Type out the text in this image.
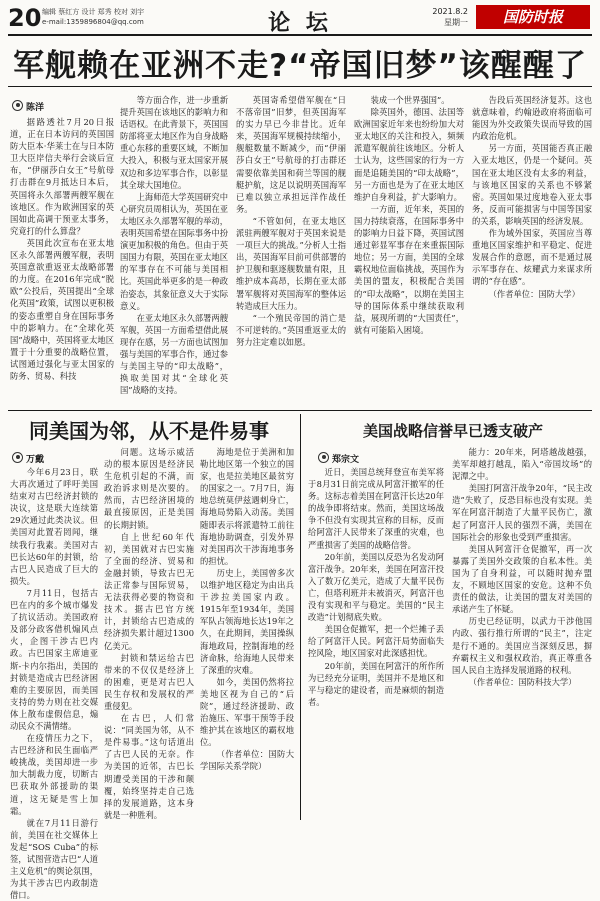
20 编辑 蔡红方 设计 郑秀 校对 刘宇
e-mail:1359896804@qq.com	论 坛	2021.8.2
星期一	国防时报
军舰赖在亚洲不走?“帝国旧梦”该醒醒了
陈洋

据路透社7月20日报道，正在日本访问的英国国防大臣本·华莱士在与日本防卫大臣岸信夫举行会谈后宣布，“伊丽莎白女王”号航母打击群在9月抵达日本后，英国将永久部署两艘军舰在该地区。作为欧洲国家的英国如此高调干预亚太事务，究竟打的什么算盘？

英国此次宣布在亚太地区永久部署两艘军舰，表明英国意欲重返亚太战略部署的力度。在2016年完成“脱欧”公投后，英国提出“全球化英国”政策，试图以更积极的姿态重塑自身在国际事务中的影响力。在“全球化英国”战略中，英国将亚太地区置于十分重要的战略位置，试图通过强化与亚太国家的防务、贸易、科技

等方面合作，进一步重新提升英国在该地区的影响力和话语权。在此背景下，英国国防部将亚太地区作为自身战略重心东移的重要区域，不断加大投入，积极与亚太国家开展双边和多边军事合作，以彰显其全球大国地位。

上海师范大学英国研究中心研究员周相认为，英国在亚太地区永久部署军舰的举动，表明英国希望在国际事务中扮演更加积极的角色。但由于英国国力有限，英国在亚太地区的军事存在不可能与美国相比。英国此举更多的是一种政治姿态，其象征意义大于实际意义。

在亚太地区永久部署两艘军舰，英国一方面希望借此展现存在感，另一方面也试图加强与美国的军事合作，通过参与美国主导的“印太战略”，换取美国对其“全球化英国”战略的支持。

英国寄希望借军舰在“日不落帝国”旧梦，但英国海军的实力早已今非昔比。近年来，英国海军规模持续缩小，舰艇数量不断减少，而“伊丽莎白女王”号航母的打击群还需要依靠美国和荷兰等国的舰艇护航，这足以说明英国海军已难以独立承担远洋作战任务。

“不管如何，在亚太地区派驻两艘军舰对于英国来说是一项巨大的挑战。”分析人士指出，英国海军目前可供部署的护卫舰和驱逐舰数量有限，且维护成本高昂，长期在亚太部署军舰将对英国海军的整体运转造成巨大压力。

“一个殖民帝国的消亡是不可逆转的。”英国重返亚太的努力注定难以如愿。

装成一个世界强国”。

除英国外，德国、法国等欧洲国家近年来也纷纷加大对亚太地区的关注和投入，频频派遣军舰前往该地区。分析人士认为，这些国家的行为一方面是追随美国的“印太战略”，另一方面也是为了在亚太地区维护自身利益，扩大影响力。

一方面，近年来，英国的国力持续衰落，在国际事务中的影响力日益下降，英国试图通过彰显军事存在来重振国际地位；另一方面，美国的全球霸权地位面临挑战，英国作为美国的盟友，积极配合美国的“印太战略”，以期在美国主导的国际体系中继续获取利益，展现所谓的“大国责任”，就有可能陷入困境。

告段后英国经济复苏。这也就意味着，约翰逊政府将面临可能因为外交政策失误而导致的国内政治危机。

另一方面，英国能否真正融入亚太地区，仍是一个疑问。英国在亚太地区没有太多的利益，与该地区国家的关系也不够紧密。英国如果过度地卷入亚太事务，反而可能损害与中国等国家的关系，影响英国的经济发展。

作为域外国家，英国应当尊重地区国家维护和平稳定、促进发展合作的意愿，而不是通过展示军事存在、炫耀武力来谋求所谓的“存在感”。

（作者单位：国防大学）

同美国为邻，从不是件易事
万戴

今年6月23日，联大再次通过了呼吁美国结束对古巴经济封锁的决议，这是联大连续第29次通过此类决议。但美国对此置若罔闻，继续我行我素。美国对古巴长达60年的封锁，给古巴人民造成了巨大的损失。

7月11日，包括古巴在内的多个城市爆发了抗议活动。美国政府及部分政客借机煽风点火，企图干涉古巴内政。古巴国家主席迪亚斯-卡内尔指出，美国的封锁是造成古巴经济困难的主要原因，而美国支持的势力则在社交媒体上散布虚假信息，煽动民众不满情绪。

在疫情压力之下，古巴经济和民生面临严峻挑战，美国却进一步加大制裁力度，切断古巴获取外部援助的渠道，这无疑是雪上加霜。

就在7月11日游行前，美国在社交媒体上发起“SOS Cuba”的标签，试图营造古巴“人道主义危机”的舆论氛围，为其干涉古巴内政制造借口。

问题。这场示威活动的根本原因是经济民生危机引起的不满，而政治诉求则是次要的。然而，古巴经济困境的最直接原因，正是美国的长期封锁。

自上世纪60年代初，美国就对古巴实施了全面的经济、贸易和金融封锁，导致古巴无法正常参与国际贸易，无法获得必要的物资和技术。据古巴官方统计，封锁给古巴造成的经济损失累计超过1300亿美元。

封锁和禁运给古巴带来的不仅仅是经济上的困难，更是对古巴人民生存权和发展权的严重侵犯。

在古巴，人们常说：“同美国为邻，从不是件易事。”这句话道出了古巴人民的无奈。作为美国的近邻，古巴长期遭受美国的干涉和颠覆，始终坚持走自己选择的发展道路，这本身就是一种胜利。

海地是位于美洲和加勒比地区第一个独立的国家，也是拉美地区最贫穷的国家之一。7月7日，海地总统莫伊兹遇刺身亡，海地局势陷入动荡。美国随即表示将派遣特工前往海地协助调查，引发外界对美国再次干涉海地事务的担忧。

历史上，美国曾多次以维护地区稳定为由出兵干涉拉美国家内政。1915年至1934年，美国军队占领海地长达19年之久，在此期间，美国操纵海地政局，控制海地的经济命脉，给海地人民带来了深重的灾难。

如今，美国仍然将拉美地区视为自己的“后院”，通过经济援助、政治施压、军事干预等手段维护其在该地区的霸权地位。

（作者单位：国防大学国际关系学院）

美国战略信誉早已透支破产
郑宗文

近日，美国总统拜登宣布美军将于8月31日前完成从阿富汗撤军的任务。这标志着美国在阿富汗长达20年的战争即将结束。然而，美国这场战争不但没有实现其宣称的目标，反而给阿富汗人民带来了深重的灾难，也严重损害了美国的战略信誉。

20年前，美国以反恐为名发动阿富汗战争。20年来，美国在阿富汗投入了数万亿美元，造成了大量平民伤亡，但塔利班并未被消灭，阿富汗也没有实现和平与稳定。美国的“民主改造”计划彻底失败。

美国仓促撤军，把一个烂摊子丢给了阿富汗人民。阿富汗局势面临失控风险，地区国家对此深感担忧。

20年前，美国在阿富汗的所作所为已经充分证明，美国并不是地区和平与稳定的建设者，而是麻烦的制造者。

能力：20年来，阿塔越战越强，美军却越打越乱，陷入“帝国坟场”的泥潭之中。

美国打阿富汗战争20年，“民主改造”失败了，反恐目标也没有实现。美军在阿富汗制造了大量平民伤亡，激起了阿富汗人民的强烈不满，美国在国际社会的形象也受到严重损害。

美国从阿富汗仓促撤军，再一次暴露了美国外交政策的自私本性。美国为了自身利益，可以随时抛弃盟友，不顾地区国家的安危。这种不负责任的做法，让美国的盟友对美国的承诺产生了怀疑。

历史已经证明，以武力干涉他国内政、强行推行所谓的“民主”，注定是行不通的。美国应当深刻反思，摒弃霸权主义和强权政治，真正尊重各国人民自主选择发展道路的权利。

（作者单位：国防科技大学）
